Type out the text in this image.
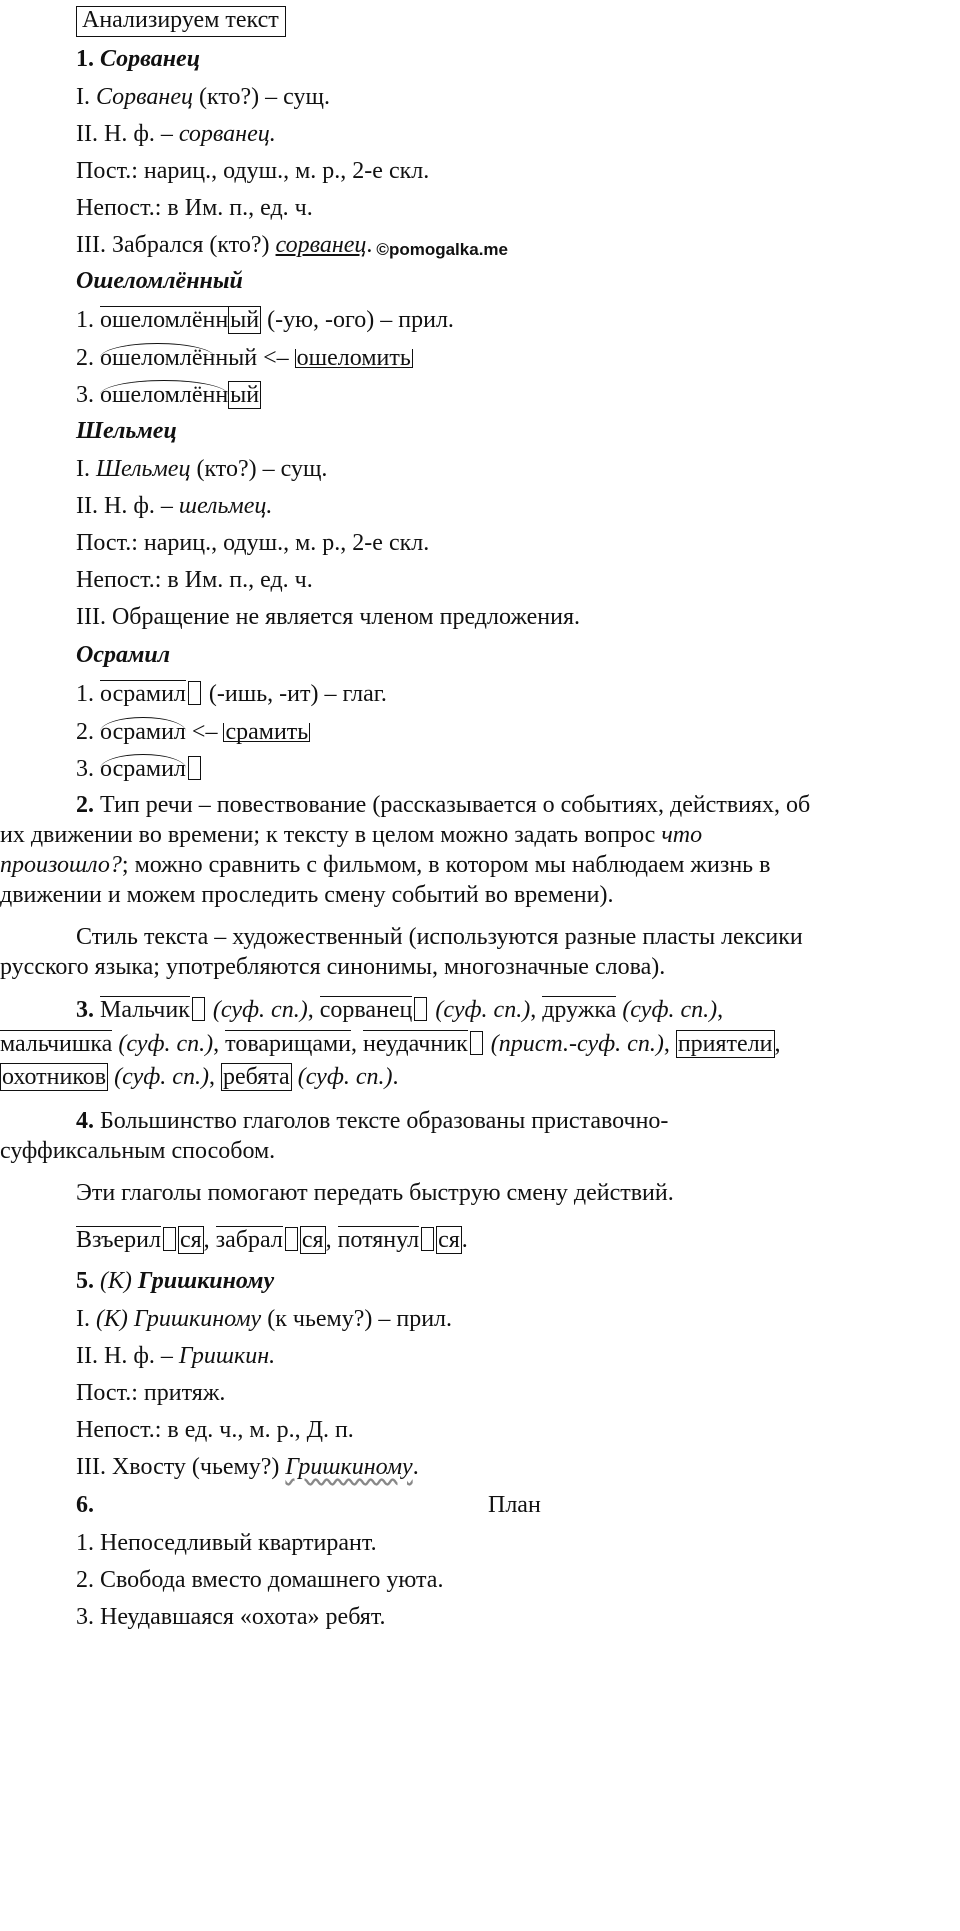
Анализируем текст
1. Сорванец
I. Сорванец (кто?) – сущ.
II. Н. ф. – сорванец.
Пост.: нариц., одуш., м. р., 2-е скл.
Непост.: в Им. п., ед. ч.
III. Забрался (кто?) сорванец. ©pomogalka.me
Ошеломлённый
1. ошеломлённый (-ую, -ого) – прил.
2. ошеломлённый <– ошеломить
3. ошеломлённый
Шельмец
I. Шельмец (кто?) – сущ.
II. Н. ф. – шельмец.
Пост.: нариц., одуш., м. р., 2-е скл.
Непост.: в Им. п., ед. ч.
III. Обращение не является членом предложения.
Осрамил
1. осрамил (-ишь, -ит) – глаг.
2. осрамил <– срамить
3. осрамил
2. Тип речи – повествование (рассказывается о событиях, действиях, об
их движении во времени; к тексту в целом можно задать вопрос что
произошло?; можно сравнить с фильмом, в котором мы наблюдаем жизнь в
движении и можем проследить смену событий во времени).
Стиль текста – художественный (используются разные пласты лексики
русского языка; употребляются синонимы, многозначные слова).
3. Мальчик (суф. сп.), сорванец (суф. сп.), дружка (суф. сп.),
мальчишка (суф. сп.), товарищами, неудачник (прист.-суф. сп.), приятели,
охотников (суф. сп.), ребята (суф. сп.).
4. Большинство глаголов тексте образованы приставочно-
суффиксальным способом.
Эти глаголы помогают передать быструю смену действий.
Взъерил ся, забрал ся, потянул ся.
5. (К) Гришкиному
I. (К) Гришкиному (к чьему?) – прил.
II. Н. ф. – Гришкин.
Пост.: притяж.
Непост.: в ед. ч., м. р., Д. п.
III. Хвосту (чьему?) Гришкиному.
6.	План
1. Непоседливый квартирант.
2. Свобода вместо домашнего уюта.
3. Неудавшаяся «охота» ребят.
